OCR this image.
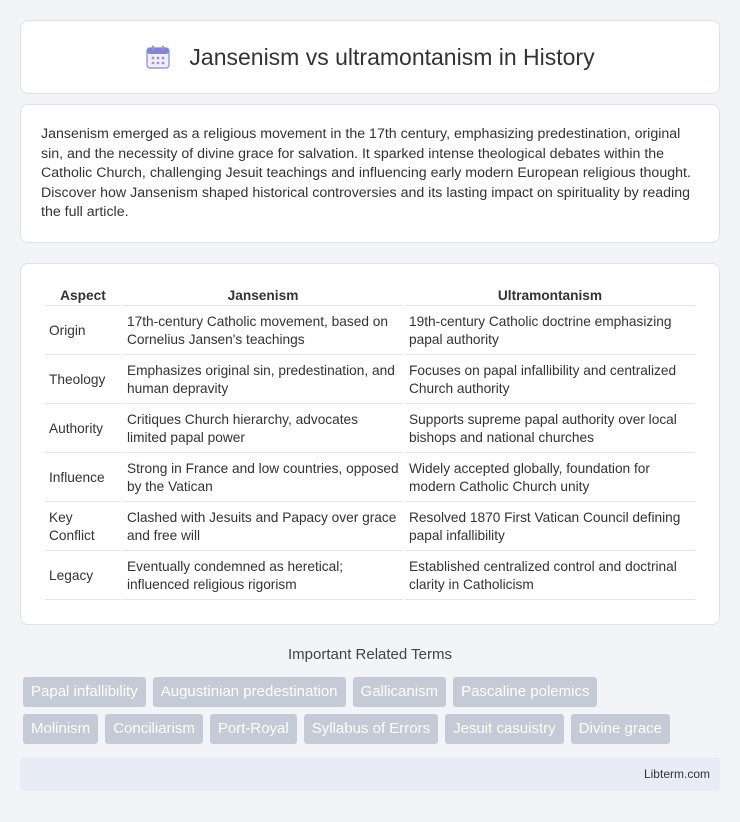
Jansenism vs ultramontanism in History

Jansenism emerged as a religious movement in the 17th century, emphasizing predestination, original sin, and the necessity of divine grace for salvation. It sparked intense theological debates within the Catholic Church, challenging Jesuit teachings and influencing early modern European religious thought. Discover how Jansenism shaped historical controversies and its lasting impact on spirituality by reading the full article.

Aspect	Jansenism	Ultramontanism
Origin	17th-century Catholic movement, based on Cornelius Jansen's teachings	19th-century Catholic doctrine emphasizing papal authority
Theology	Emphasizes original sin, predestination, and human depravity	Focuses on papal infallibility and centralized Church authority
Authority	Critiques Church hierarchy, advocates limited papal power	Supports supreme papal authority over local bishops and national churches
Influence	Strong in France and low countries, opposed by the Vatican	Widely accepted globally, foundation for modern Catholic Church unity
Key Conflict	Clashed with Jesuits and Papacy over grace and free will	Resolved 1870 First Vatican Council defining papal infallibility
Legacy	Eventually condemned as heretical; influenced religious rigorism	Established centralized control and doctrinal clarity in Catholicism
Important Related Terms
Papal infallibility	Augustinian predestination	Gallicanism	Pascaline polemics
Molinism	Conciliarism	Port-Royal	Syllabus of Errors	Jesuit casuistry	Divine grace
Libterm.com
